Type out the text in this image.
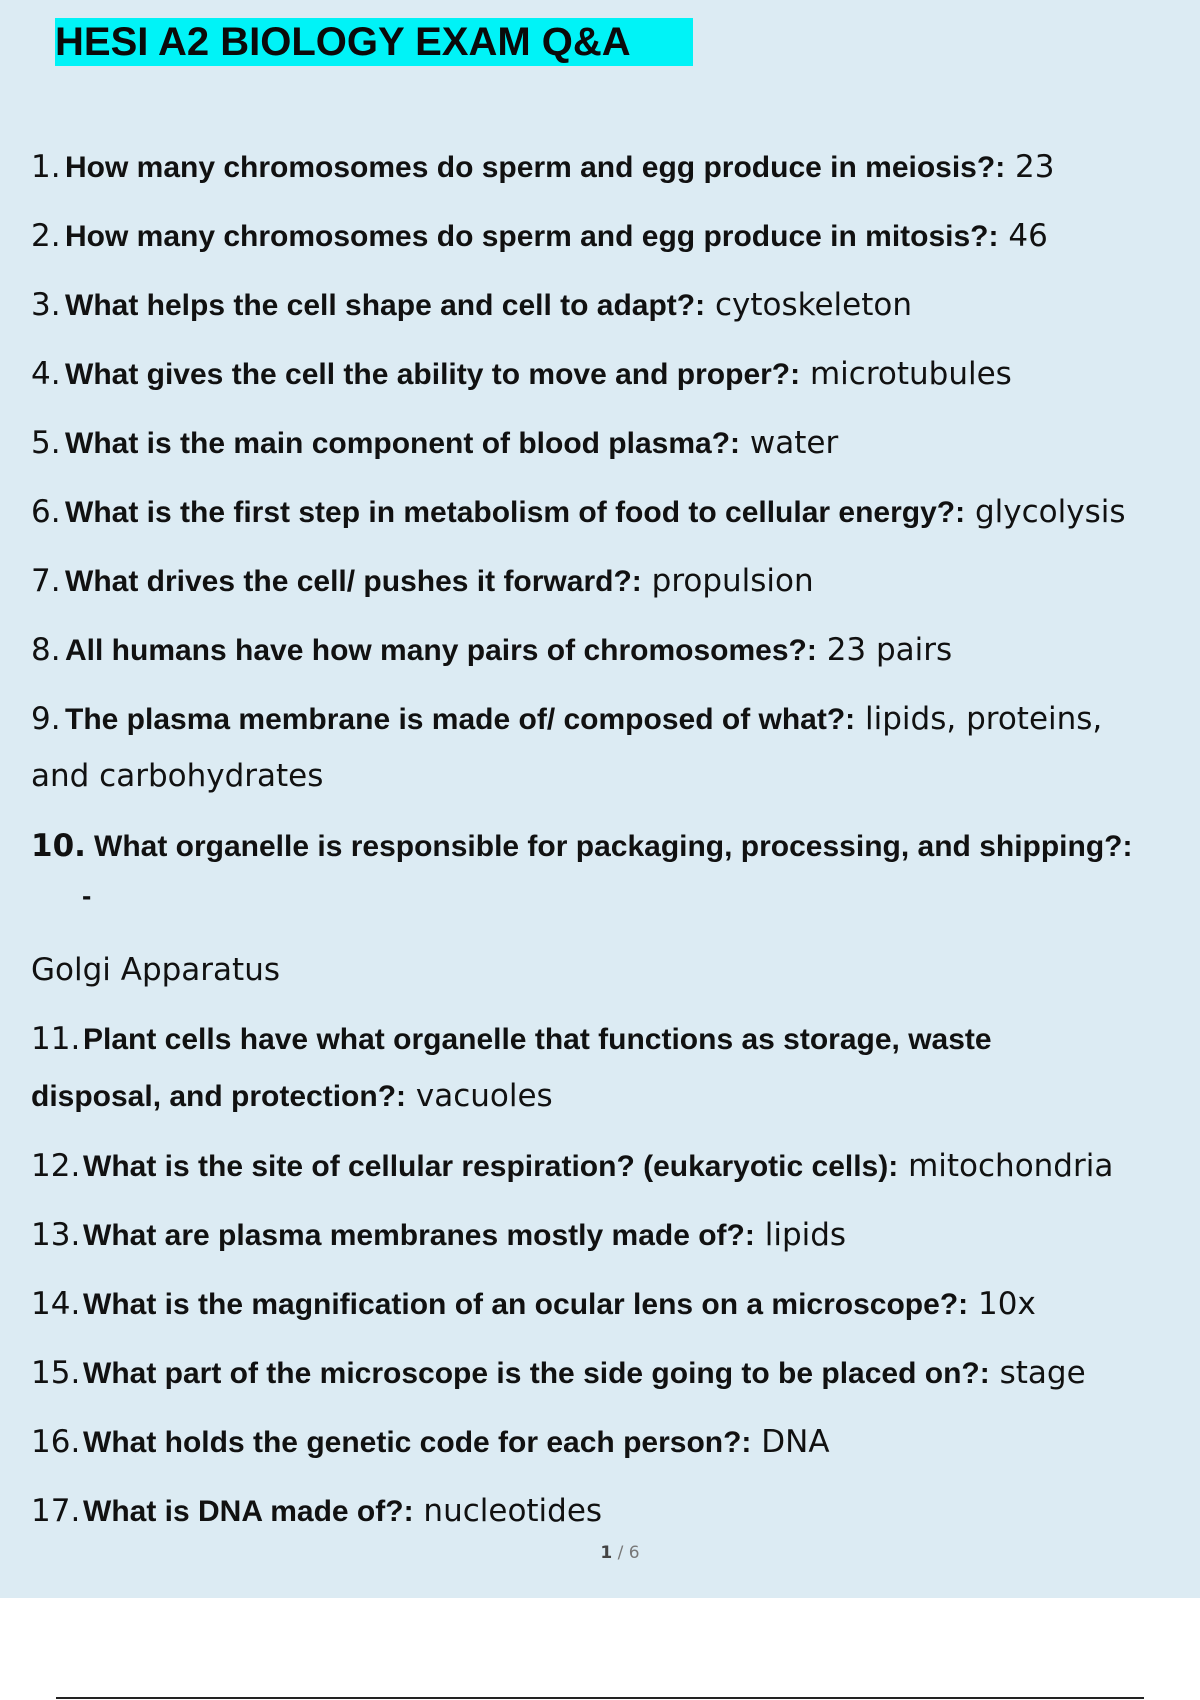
HESI A2 BIOLOGY EXAM Q&A
1. How many chromosomes do sperm and egg produce in meiosis?: 23
2. How many chromosomes do sperm and egg produce in mitosis?: 46
3. What helps the cell shape and cell to adapt?: cytoskeleton
4. What gives the cell the ability to move and proper?: microtubules
5. What is the main component of blood plasma?: water
6. What is the first step in metabolism of food to cellular energy?: glycolysis
7. What drives the cell/ pushes it forward?: propulsion
8. All humans have how many pairs of chromosomes?: 23 pairs
9. The plasma membrane is made of/ composed of what?: lipids, proteins,
and carbohydrates
10. What organelle is responsible for packaging, processing, and shipping?:
-
Golgi Apparatus
11.Plant cells have what organelle that functions as storage, waste
disposal, and protection?: vacuoles
12.What is the site of cellular respiration? (eukaryotic cells): mitochondria
13.What are plasma membranes mostly made of?: lipids
14.What is the magnification of an ocular lens on a microscope?: 10x
15.What part of the microscope is the side going to be placed on?: stage
16.What holds the genetic code for each person?: DNA
17.What is DNA made of?: nucleotides
1 / 6
